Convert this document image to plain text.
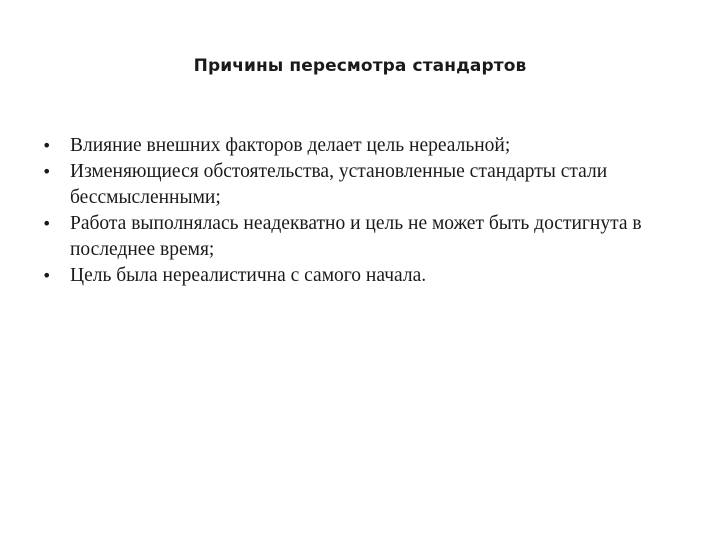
Причины пересмотра стандартов
• Влияние внешних факторов делает цель нереальной;
• Изменяющиеся обстоятельства, установленные стандарты стали бессмысленными;
• Работа выполнялась неадекватно и цель не может быть достигнута в последнее время;
• Цель была нереалистична с самого начала.
